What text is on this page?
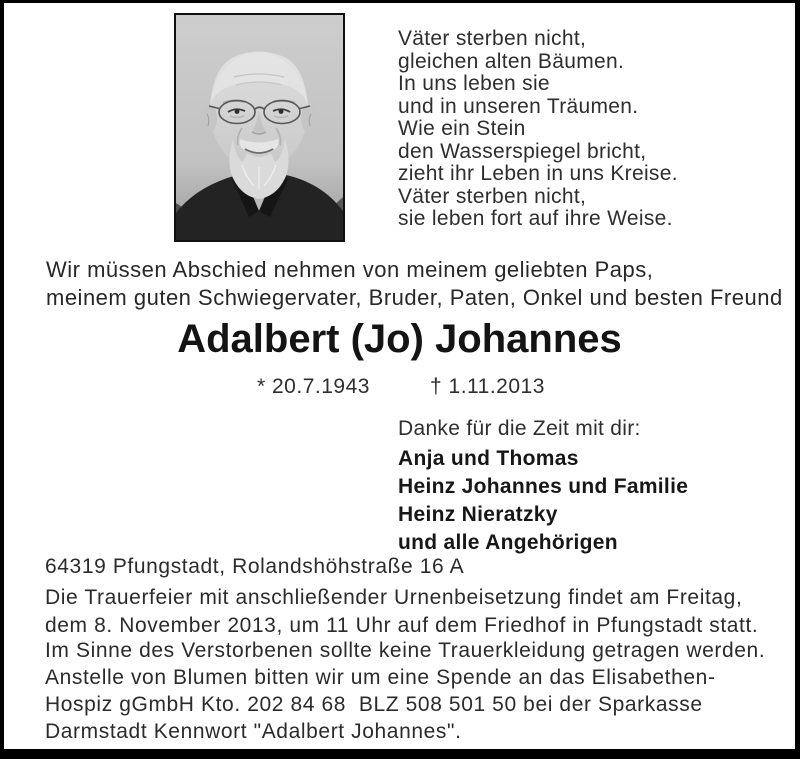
Väter sterben nicht,
gleichen alten Bäumen.
In uns leben sie
und in unseren Träumen.
Wie ein Stein
den Wasserspiegel bricht,
zieht ihr Leben in uns Kreise.
Väter sterben nicht,
sie leben fort auf ihre Weise.
Wir müssen Abschied nehmen von meinem geliebten Paps,
meinem guten Schwiegervater, Bruder, Paten, Onkel und besten Freund
Adalbert (Jo) Johannes
* 20.7.1943	† 1.11.2013
Danke für die Zeit mit dir:
Anja und Thomas
Heinz Johannes und Familie
Heinz Nieratzky
und alle Angehörigen
64319 Pfungstadt, Rolandshöhstraße 16 A
Die Trauerfeier mit anschließender Urnenbeisetzung findet am Freitag,
dem 8. November 2013, um 11 Uhr auf dem Friedhof in Pfungstadt statt.
Im Sinne des Verstorbenen sollte keine Trauerkleidung getragen werden.
Anstelle von Blumen bitten wir um eine Spende an das Elisabethen-
Hospiz gGmbH Kto. 202 84 68  BLZ 508 501 50 bei der Sparkasse
Darmstadt Kennwort "Adalbert Johannes".
